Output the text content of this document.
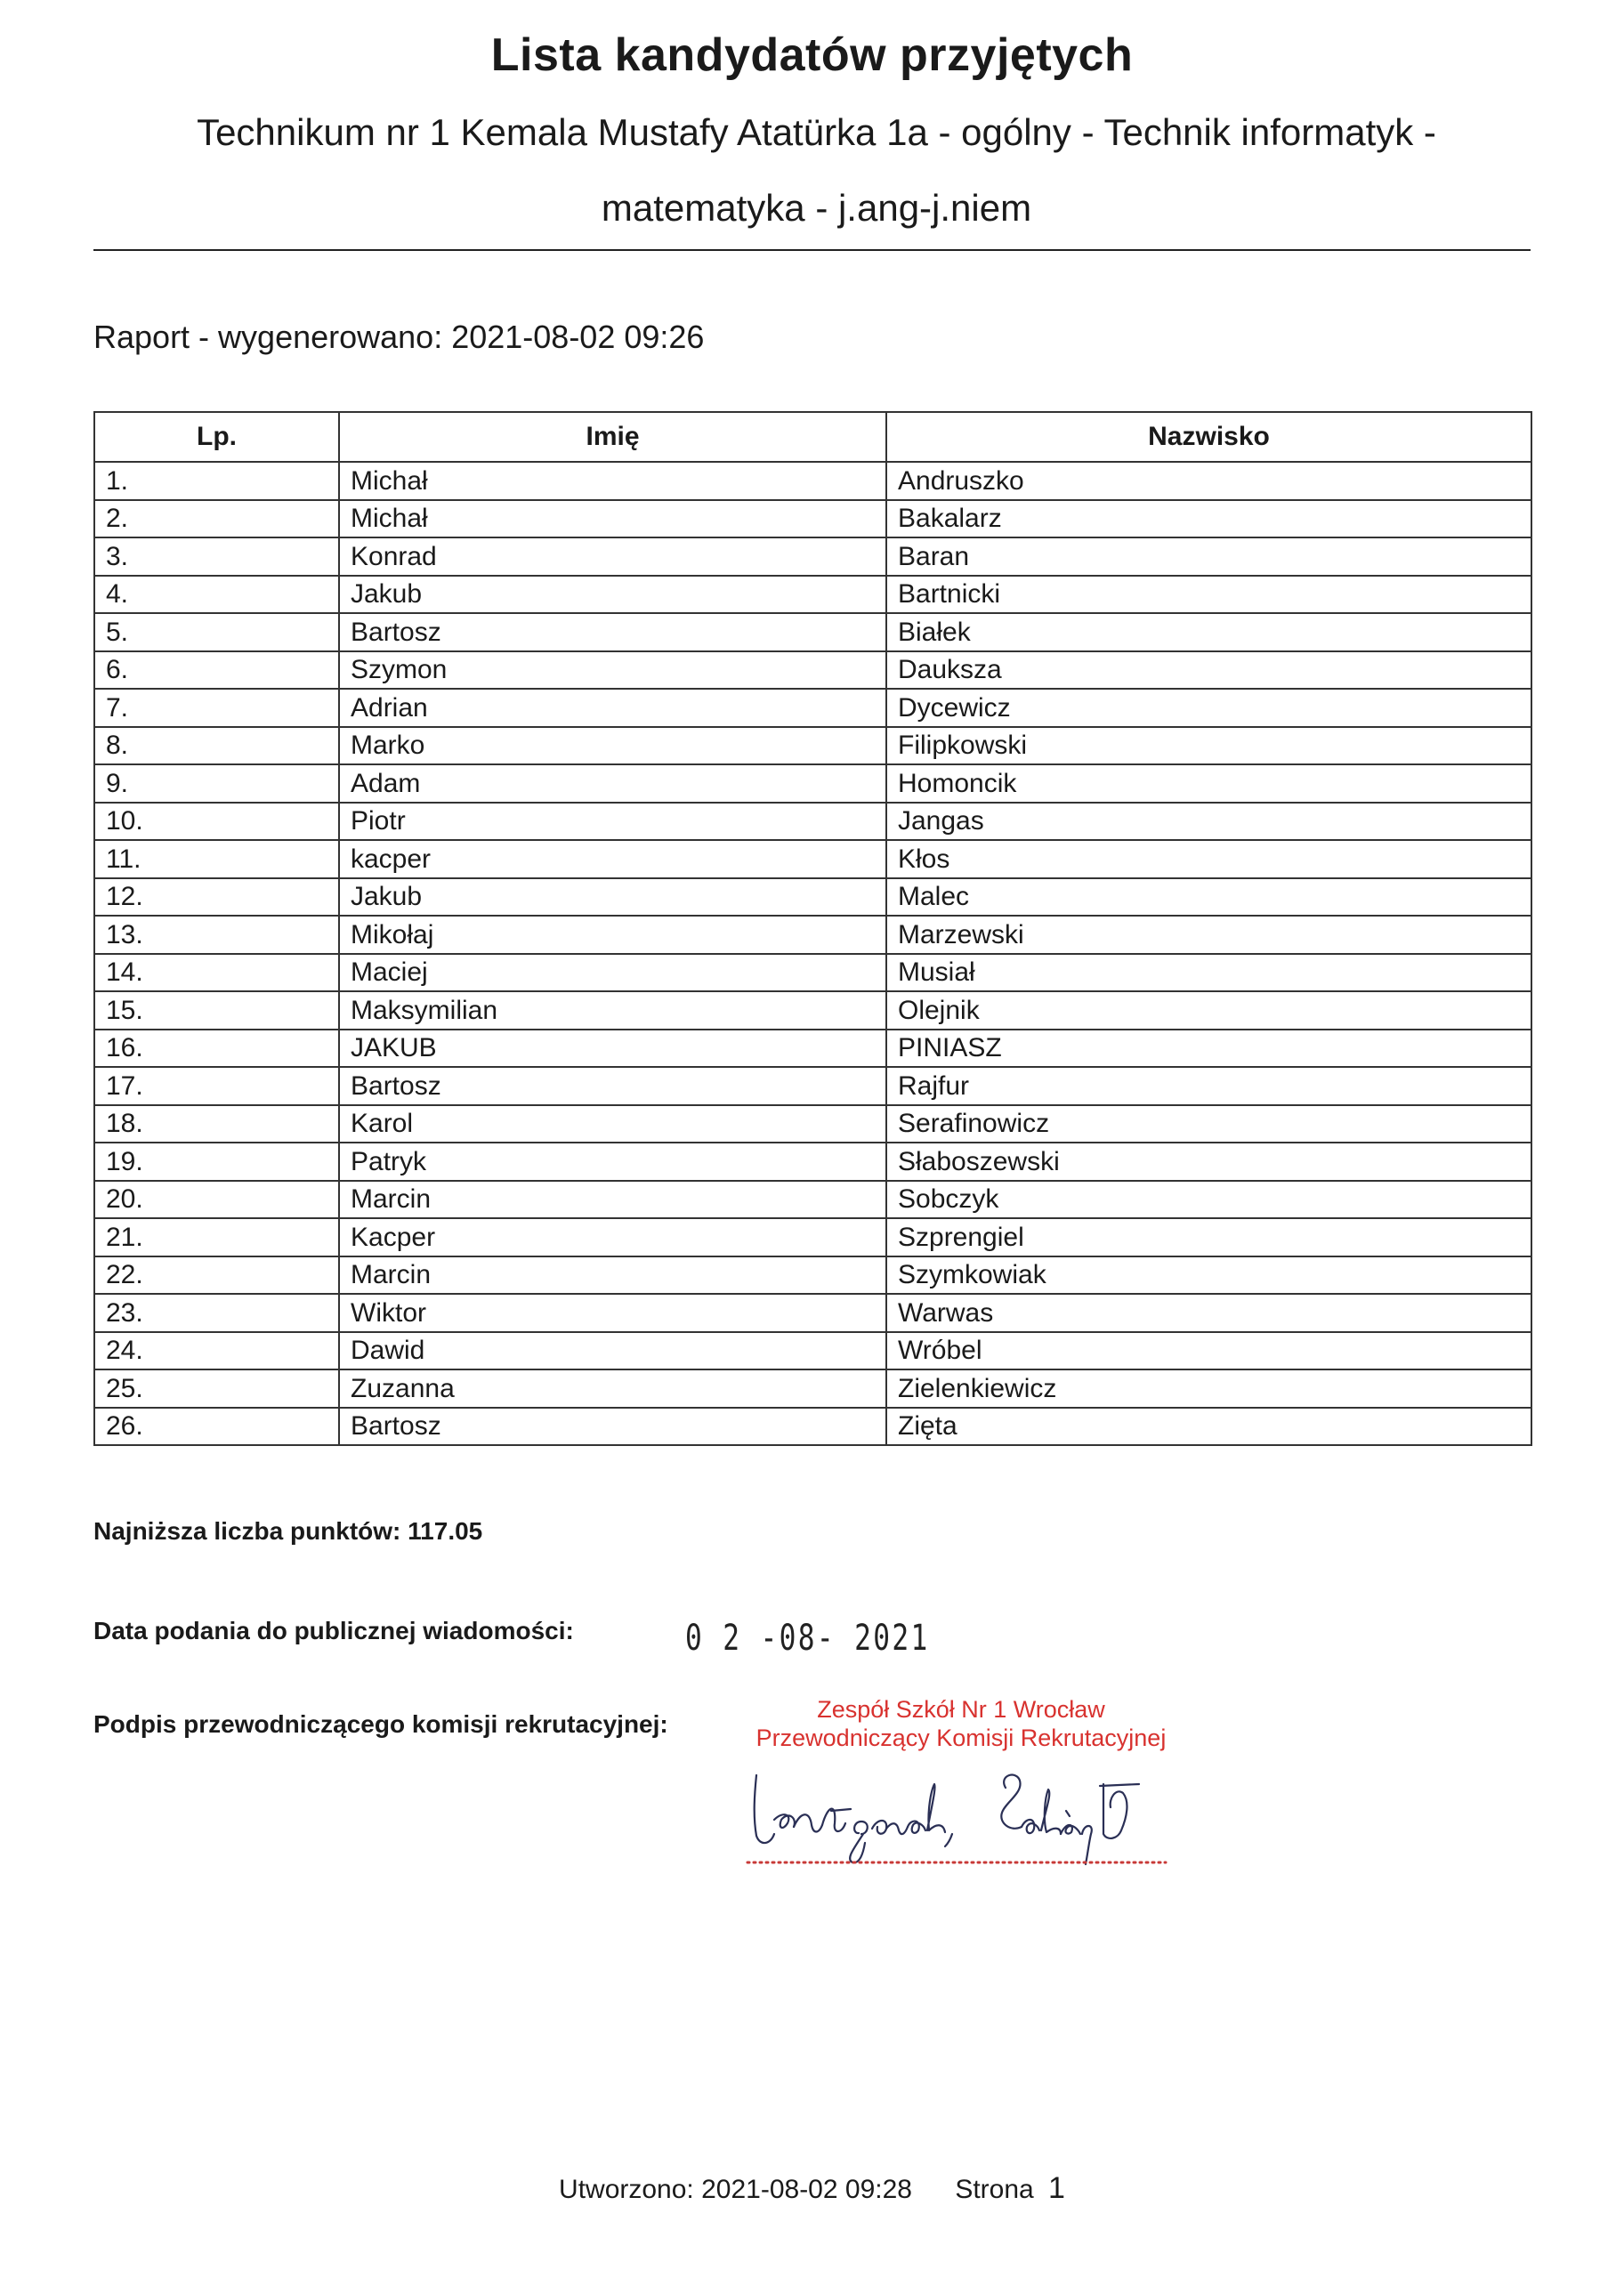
Lista kandydatów przyjętych
Technikum nr 1 Kemala Mustafy Atatürka 1a - ogólny - Technik informatyk -
matematyka - j.ang-j.niem
Raport - wygenerowano: 2021-08-02 09:26
Lp.	Imię	Nazwisko
1.	Michał	Andruszko
2.	Michał	Bakalarz
3.	Konrad	Baran
4.	Jakub	Bartnicki
5.	Bartosz	Białek
6.	Szymon	Dauksza
7.	Adrian	Dycewicz
8.	Marko	Filipkowski
9.	Adam	Homoncik
10.	Piotr	Jangas
11.	kacper	Kłos
12.	Jakub	Malec
13.	Mikołaj	Marzewski
14.	Maciej	Musiał
15.	Maksymilian	Olejnik
16.	JAKUB	PINIASZ
17.	Bartosz	Rajfur
18.	Karol	Serafinowicz
19.	Patryk	Słaboszewski
20.	Marcin	Sobczyk
21.	Kacper	Szprengiel
22.	Marcin	Szymkowiak
23.	Wiktor	Warwas
24.	Dawid	Wróbel
25.	Zuzanna	Zielenkiewicz
26.	Bartosz	Zięta
Najniższa liczba punktów: 117.05
Data podania do publicznej wiadomości:	0 2 -08- 2021
Podpis przewodniczącego komisji rekrutacyjnej:
Zespół Szkół Nr 1 Wrocław
Przewodniczący Komisji Rekrutacyjnej
Utworzono: 2021-08-02 09:28 Strona 1
